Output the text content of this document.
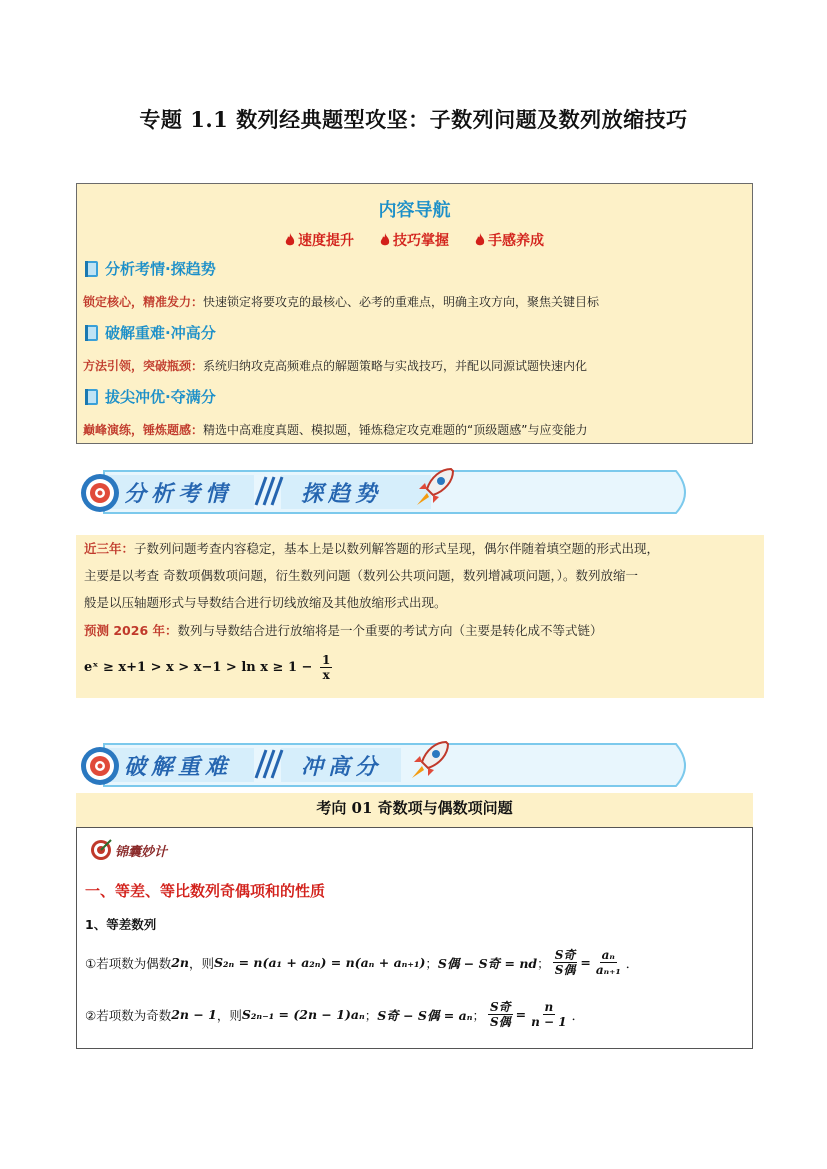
专题 1.1 数列经典题型攻坚：子数列问题及数列放缩技巧
内容导航
速度提升	技巧掌握	手感养成
分析考情·探趋势
锁定核心，精准发力：快速锁定将要攻克的最核心、必考的重难点，明确主攻方向，聚焦关键目标
破解重难·冲高分
方法引领，突破瓶颈：系统归纳攻克高频难点的解题策略与实战技巧，并配以同源试题快速内化
拔尖冲优·夺满分
巅峰演练，锤炼题感：精选中高难度真题、模拟题，锤炼稳定攻克难题的“顶级题感”与应变能力
分析考情	探趋势

近三年：子数列问题考查内容稳定，基本上是以数列解答题的形式呈现，偶尔伴随着填空题的形式出现，

主要是以考查 奇数项偶数项问题，衍生数列问题（数列公共项问题，数列增减项问题，）。数列放缩一

般是以压轴题形式与导数结合进行切线放缩及其他放缩形式出现。

预测 2026 年：数列与导数结合进行放缩将是一个重要的考试方向（主要是转化成不等式链）

eˣ ≥ $x+1 > x > x-1 > \ln x \ge 1 - \frac{1}{x}$
破解重难	冲高分
考向 01 奇数项与偶数项问题
锦囊妙计
一、等差、等比数列奇偶项和的性质
1、等差数列
①若项数为偶数 2n ，则 S₂ₙ = n(a₁ + a₂ₙ) = n(aₙ + aₙ₊₁) ； S偶 − S奇 = nd ； $\frac{\text{S奇}}{\text{S偶}} = \frac{\text{aₙ}}{\text{aₙ₊₁}}$ ．
②若项数为奇数 2n − 1 ，则 S₂ₙ₋₁ = (2n − 1)aₙ ； S奇 − S偶 = aₙ ； $\frac{\text{S奇}}{\text{S偶}} = \frac{n}{n - 1}$ ．
